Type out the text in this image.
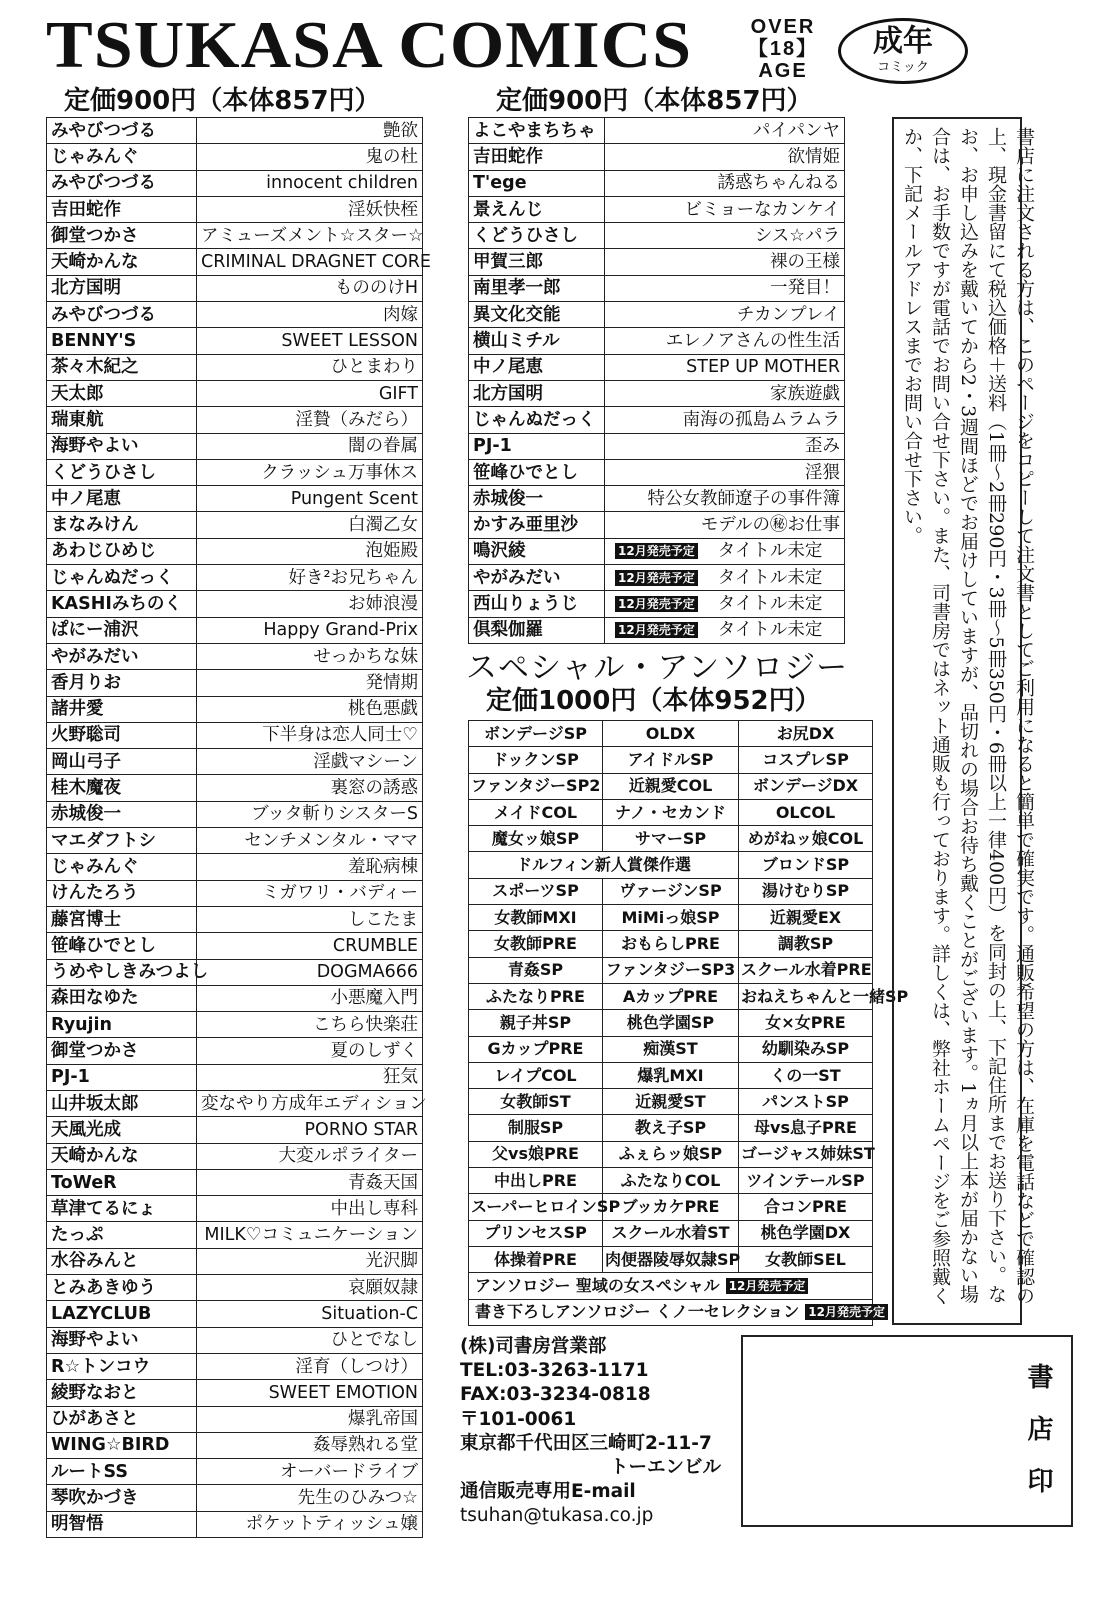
TSUKASA COMICS	OVER
【18】
AGE
成年
コミック
定価900円（本体857円）	定価900円（本体857円）
みやびつづる	艶欲
じゃみんぐ	鬼の杜
みやびつづる	innocent children
吉田蛇作	淫妖快桎
御堂つかさ	アミューズメント☆スター☆
天崎かんな	CRIMINAL DRAGNET CORE
北方国明	もののけH
みやびつづる	肉嫁
BENNY'S	SWEET LESSON
茶々木紀之	ひとまわり
天太郎	GIFT
瑞東航	淫贄（みだら）
海野やよい	闇の眷属
くどうひさし	クラッシュ万事休ス
中ノ尾恵	Pungent Scent
まなみけん	白濁乙女
あわじひめじ	泡姫殿
じゃんぬだっく	好き²お兄ちゃん
KASHIみちのく	お姉浪漫
ぱにー浦沢	Happy Grand-Prix
やがみだい	せっかちな妹
香月りお	発情期
諸井愛	桃色悪戯
火野聡司	下半身は恋人同士♡
岡山弓子	淫戯マシーン
桂木魔夜	裏窓の誘惑
赤城俊一	ブッタ斬りシスターS
マエダフトシ	センチメンタル・ママ
じゃみんぐ	羞恥病棟
けんたろう	ミガワリ・バディー
藤宮博士	しこたま
笹峰ひでとし	CRUMBLE
うめやしきみつよし	DOGMA666
森田なゆた	小悪魔入門
Ryujin	こちら快楽荘
御堂つかさ	夏のしずく
PJ-1	狂気
山井坂太郎	変なやり方成年エディション
天風光成	PORNO STAR
天崎かんな	大変ルポライター
ToWeR	青姦天国
草津てるにょ	中出し専科
たっぷ	MILK♡コミュニケーション
水谷みんと	光沢脚
とみあきゆう	哀願奴隷
LAZYCLUB	Situation-C
海野やよい	ひとでなし
R☆トンコウ	淫育（しつけ）
綾野なおと	SWEET EMOTION
ひがあさと	爆乳帝国
WING☆BIRD	姦辱熟れる堂
ルートSS	オーバードライブ
琴吹かづき	先生のひみつ☆
明智悟	ポケットティッシュ嬢
よこやまちちゃ	パイパンヤ
吉田蛇作	欲情姫
T'ege	誘惑ちゃんねる
景えんじ	ビミョーなカンケイ
くどうひさし	シス☆パラ
甲賀三郎	裸の王様
南里孝一郎	一発目！
異文化交能	チカンプレイ
横山ミチル	エレノアさんの性生活
中ノ尾恵	STEP UP MOTHER
北方国明	家族遊戯
じゃんぬだっく	南海の孤島ムラムラ
PJ-1	歪み
笹峰ひでとし	淫猥
赤城俊一	特公女教師遼子の事件簿
かすみ亜里沙	モデルの㊙お仕事
鳴沢綾	12月発売予定 タイトル未定
やがみだい	12月発売予定 タイトル未定
西山りょうじ	12月発売予定 タイトル未定
倶梨伽羅	12月発売予定 タイトル未定
スペシャル・アンソロジー
定価1000円（本体952円）
ボンデージSP	OLDX	お尻DX
ドックンSP	アイドルSP	コスプレSP
ファンタジーSP2	近親愛COL	ボンデージDX
メイドCOL	ナノ・セカンド	OLCOL
魔女ッ娘SP	サマーSP	めがねッ娘COL
ドルフィン新人賞傑作選		ブロンドSP
スポーツSP	ヴァージンSP	湯けむりSP
女教師MXI	MiMiっ娘SP	近親愛EX
女教師PRE	おもらしPRE	調教SP
青姦SP	ファンタジーSP3	スクール水着PRE
ふたなりPRE	AカップPRE	おねえちゃんと一緒SP
親子丼SP	桃色学園SP	女×女PRE
GカップPRE	痴漢ST	幼馴染みSP
レイプCOL	爆乳MXI	くの一ST
女教師ST	近親愛ST	パンストSP
制服SP	教え子SP	母vs息子PRE
父vs娘PRE	ふぇらッ娘SP	ゴージャス姉妹ST
中出しPRE	ふたなりCOL	ツインテールSP
スーパーヒロインSP	ブッカケPRE	合コンPRE
プリンセスSP	スクール水着ST	桃色学園DX
体操着PRE	肉便器陵辱奴隷SP	女教師SEL
アンソロジー 聖域の女スペシャル 12月発売予定		
書き下ろしアンソロジー くノ一セレクション 12月発売予定		
書店に注文される方は、このページをコピーして注文書としてご利用になると簡単で確実です。通販希望の方は、在庫を電話などで確認の上、現金書留にて税込価格＋送料（1冊〜2冊290円・3冊〜5冊350円・6冊以上一律400円）を同封の上、下記住所までお送り下さい。なお、お申し込みを戴いてから2・3週間ほどでお届けしていますが、品切れの場合お待ち戴くことがございます。1ヵ月以上本が届かない場合は、お手数ですが電話でお問い合せ下さい。また、司書房ではネット通販も行っております。詳しくは、弊社ホームページをご参照戴くか、下記メールアドレスまでお問い合せ下さい。
(株)司書房営業部
TEL:03-3263-1171
FAX:03-3234-0818
〒101-0061
東京都千代田区三崎町2-11-7
トーエンビル
通信販売専用E-mail
tsuhan@tukasa.co.jp	書店印
